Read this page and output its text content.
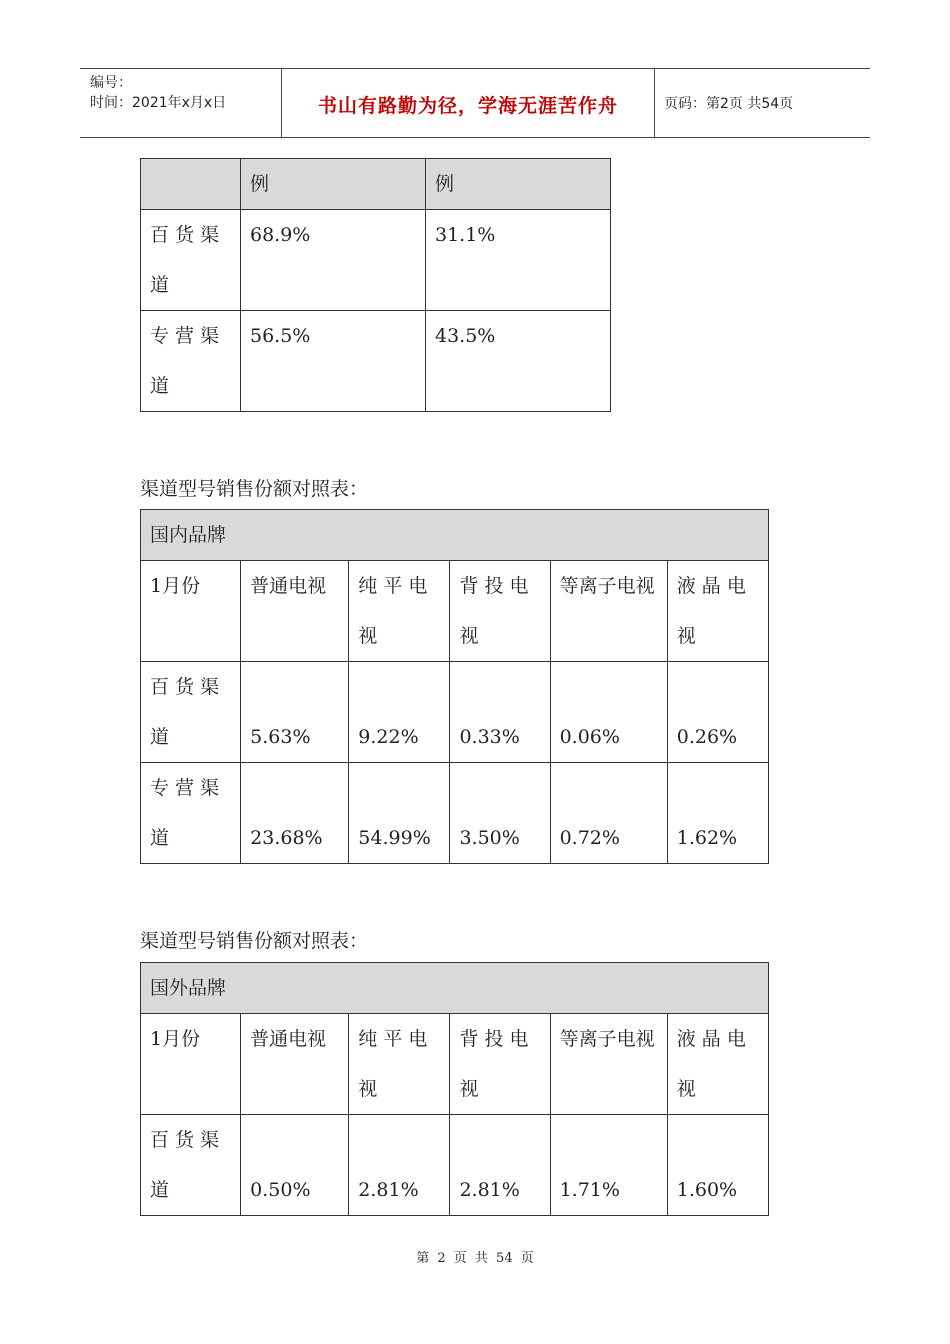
编号：
时间：2021年x月x日	书山有路勤为径，学海无涯苦作舟	页码：第2页 共54页
	例	例
百 货 渠道	68.9%	31.1%
专 营 渠道	56.5%	43.5%
渠道型号销售份额对照表：
国内品牌					
1月份	普通电视	纯 平 电视	背 投 电视	等离子电视	液 晶 电视
百 货 渠道	5.63%	9.22%	0.33%	0.06%	0.26%
专 营 渠道	23.68%	54.99%	3.50%	0.72%	1.62%
渠道型号销售份额对照表：
国外品牌					
1月份	普通电视	纯 平 电视	背 投 电视	等离子电视	液 晶 电视
百 货 渠道	0.50%	2.81%	2.81%	1.71%	1.60%
第 2 页 共 54 页
